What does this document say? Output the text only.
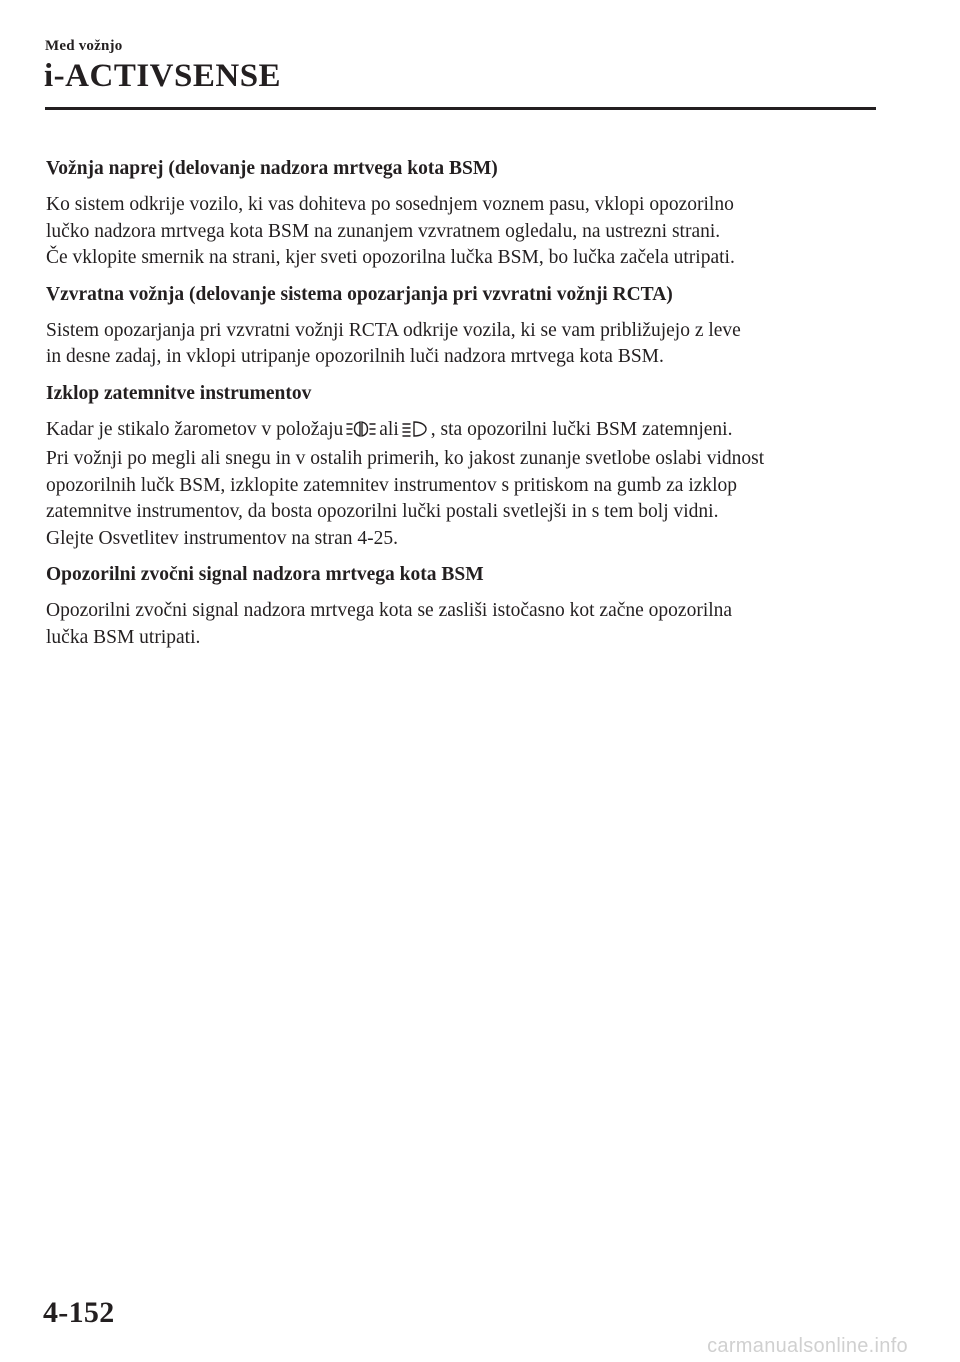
Med vožnjo
i-ACTIVSENSE
Vožnja naprej (delovanje nadzora mrtvega kota BSM)
Ko sistem odkrije vozilo, ki vas dohiteva po sosednjem voznem pasu, vklopi opozorilno
lučko nadzora mrtvega kota BSM na zunanjem vzvratnem ogledalu, na ustrezni strani.
Če vklopite smernik na strani, kjer sveti opozorilna lučka BSM, bo lučka začela utripati.
Vzvratna vožnja (delovanje sistema opozarjanja pri vzvratni vožnji RCTA)
Sistem opozarjanja pri vzvratni vožnji RCTA odkrije vozila, ki se vam približujejo z leve
in desne zadaj, in vklopi utripanje opozorilnih luči nadzora mrtvega kota BSM.
Izklop zatemnitve instrumentov
Kadar je stikalo žarometov v položaju ali , sta opozorilni lučki BSM zatemnjeni.
Pri vožnji po megli ali snegu in v ostalih primerih, ko jakost zunanje svetlobe oslabi vidnost
opozorilnih lučk BSM, izklopite zatemnitev instrumentov s pritiskom na gumb za izklop
zatemnitve instrumentov, da bosta opozorilni lučki postali svetlejši in s tem bolj vidni.
Glejte Osvetlitev instrumentov na stran 4-25.
Opozorilni zvočni signal nadzora mrtvega kota BSM
Opozorilni zvočni signal nadzora mrtvega kota se zasliši istočasno kot začne opozorilna
lučka BSM utripati.
4-152
carmanualsonline.info
